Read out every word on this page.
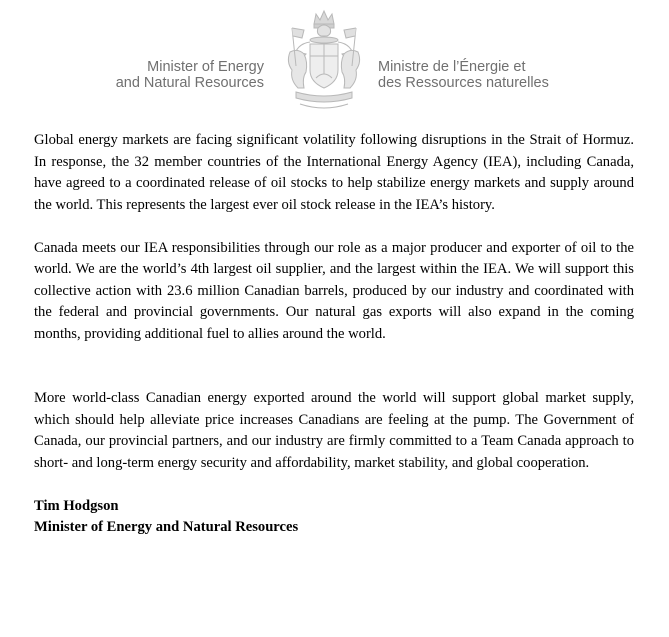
Minister of Energy
and Natural Resources
Ministre de l’Énergie et
des Ressources naturelles

Global energy markets are facing significant volatility following disruptions in the Strait of Hormuz. In response, the 32 member countries of the International Energy Agency (IEA), including Canada, have agreed to a coordinated release of oil stocks to help stabilize energy markets and supply around the world. This represents the largest ever oil stock release in the IEA’s history.

Canada meets our IEA responsibilities through our role as a major producer and exporter of oil to the world. We are the world’s 4th largest oil supplier, and the largest within the IEA. We will support this collective action with 23.6 million Canadian barrels, produced by our industry and coordinated with the federal and provincial governments. Our natural gas exports will also expand in the coming months, providing additional fuel to allies around the world.

More world-class Canadian energy exported around the world will support global market supply, which should help alleviate price increases Canadians are feeling at the pump. The Government of Canada, our provincial partners, and our industry are firmly committed to a Team Canada approach to short- and long-term energy security and affordability, market stability, and global cooperation.

Tim Hodgson

Minister of Energy and Natural Resources
